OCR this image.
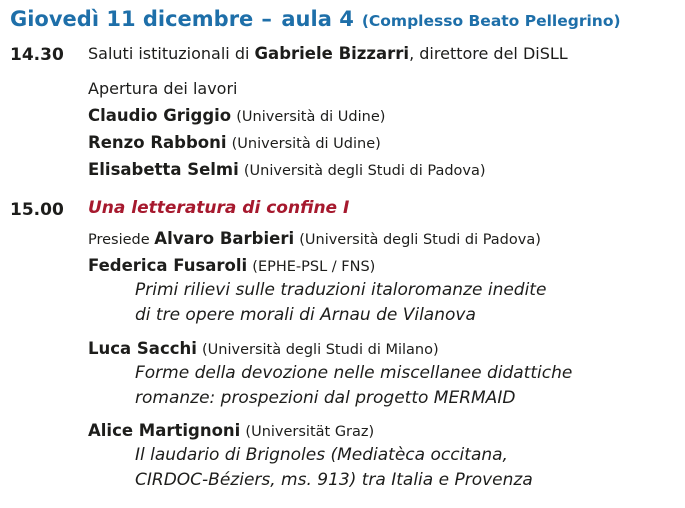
Giovedì 11 dicembre – aula 4 (Complesso Beato Pellegrino)
14.30 Saluti istituzionali di Gabriele Bizzarri, direttore del DiSLL
Apertura dei lavori
Claudio Griggio (Università di Udine)
Renzo Rabboni (Università di Udine)
Elisabetta Selmi (Università degli Studi di Padova)
15.00 Una letteratura di confine I
Presiede Alvaro Barbieri (Università degli Studi di Padova)
Federica Fusaroli (EPHE-PSL / FNS)
Primi rilievi sulle traduzioni italoromanze inedite
di tre opere morali di Arnau de Vilanova
Luca Sacchi (Università degli Studi di Milano)
Forme della devozione nelle miscellanee didattiche
romanze: prospezioni dal progetto MERMAID
Alice Martignoni (Universität Graz)
Il laudario di Brignoles (Mediatèca occitana,
CIRDOC-Béziers, ms. 913) tra Italia e Provenza
